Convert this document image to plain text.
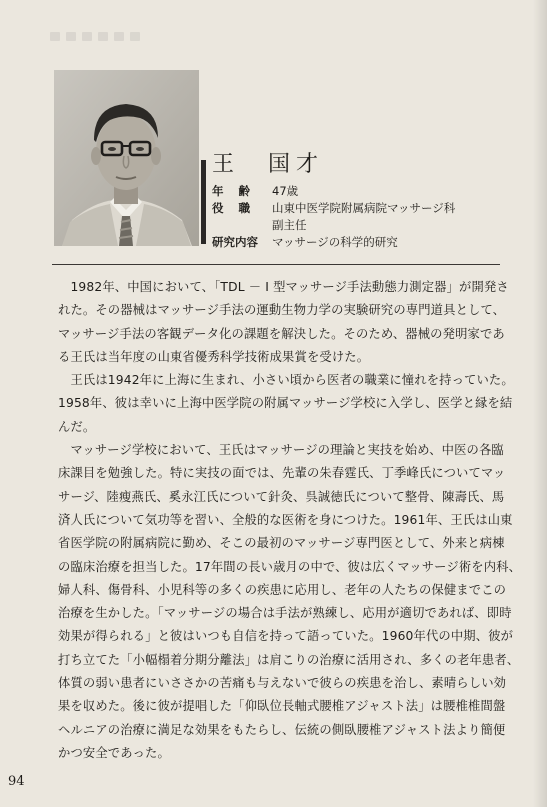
王　国才
年齢 47歳
役職 山東中医学院附属病院マッサージ科
副主任
研究内容	マッサージの科学的研究

　1982年、中国において、「TDL － I 型マッサージ手法動態力測定器」が開発さ

れた。その器械はマッサージ手法の運動生物力学の実験研究の専門道具として、

マッサージ手法の客観データ化の課題を解決した。そのため、器械の発明家であ

る王氏は当年度の山東省優秀科学技術成果賞を受けた。

　王氏は1942年に上海に生まれ、小さい頃から医者の職業に憧れを持っていた。

1958年、彼は幸いに上海中医学院の附属マッサージ学校に入学し、医学と縁を結

んだ。

　マッサージ学校において、王氏はマッサージの理論と実技を始め、中医の各臨

床課目を勉強した。特に実技の面では、先輩の朱春霆氏、丁季峰氏についてマッ

サージ、陸瘦燕氏、奚永江氏について針灸、呉誠徳氏について整骨、陳壽氏、馬

済人氏について気功等を習い、全般的な医術を身につけた。1961年、王氏は山東

省医学院の附属病院に勤め、そこの最初のマッサージ専門医として、外来と病棟

の臨床治療を担当した。17年間の長い歳月の中で、彼は広くマッサージ術を内科、

婦人科、傷骨科、小児科等の多くの疾患に応用し、老年の人たちの保健までこの

治療を生かした。「マッサージの場合は手法が熟練し、応用が適切であれば、即時

効果が得られる」と彼はいつも自信を持って語っていた。1960年代の中期、彼が

打ち立てた「小幅榻着分期分離法」は肩こりの治療に活用され、多くの老年患者、

体質の弱い患者にいささかの苦痛も与えないで彼らの疾患を治し、素晴らしい効

果を収めた。後に彼が提唱した「仰臥位長軸式腰椎アジャスト法」は腰椎椎間盤

ヘルニアの治療に満足な効果をもたらし、伝統の側臥腰椎アジャスト法より簡便

かつ安全であった。

94
